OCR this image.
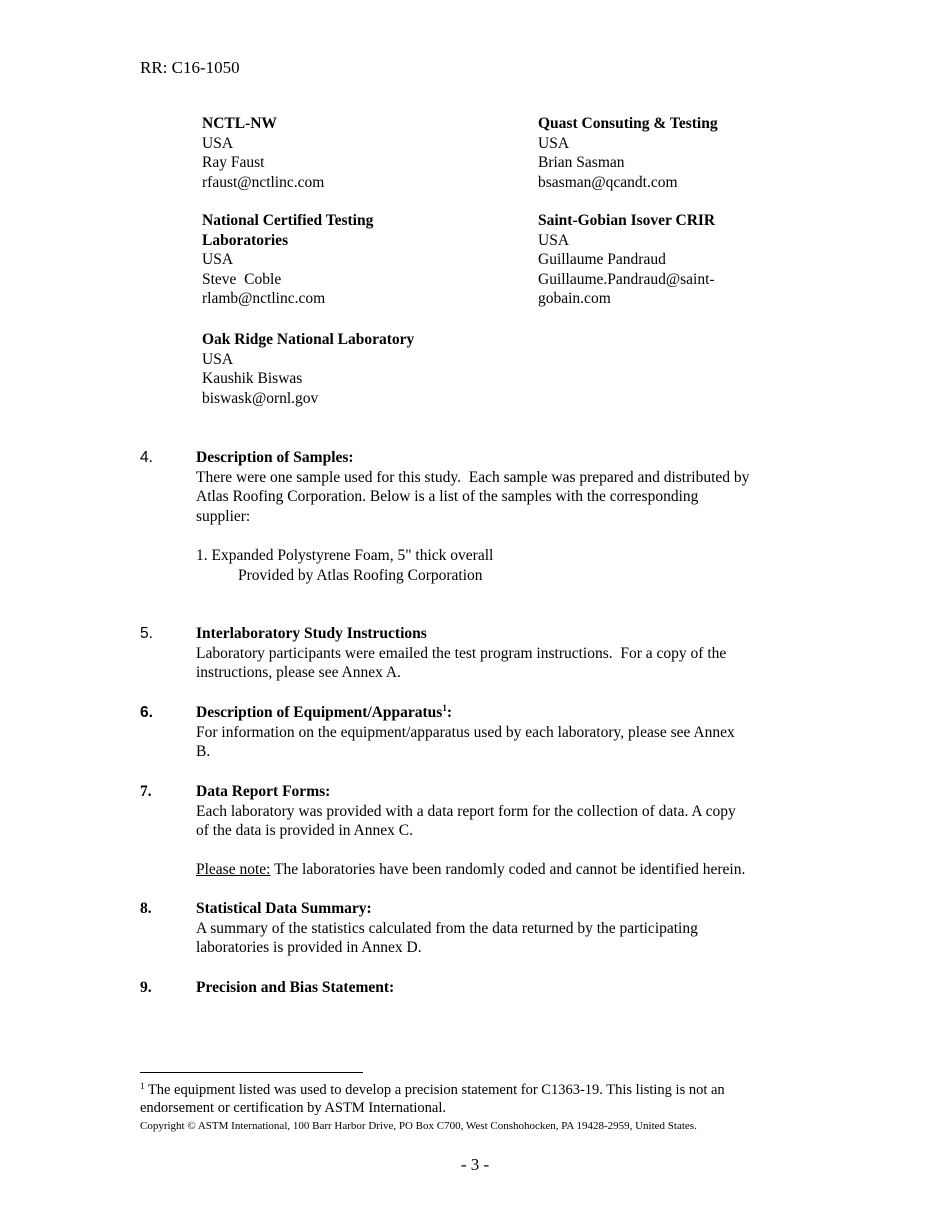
RR: C16-1050
NCTL-NW
USA
Ray Faust
rfaust@nctlinc.com
Quast Consuting & Testing
USA
Brian Sasman
bsasman@qcandt.com
National Certified Testing
Laboratories
USA
Steve  Coble
rlamb@nctlinc.com
Saint-Gobian Isover CRIR
USA
Guillaume Pandraud
Guillaume.Pandraud@saint-
gobain.com
Oak Ridge National Laboratory
USA
Kaushik Biswas
biswask@ornl.gov
4.	Description of Samples:

There were one sample used for this study.  Each sample was prepared and distributed by

Atlas Roofing Corporation. Below is a list of the samples with the corresponding

supplier:

1. Expanded Polystyrene Foam, 5" thick overall

Provided by Atlas Roofing Corporation

5.	Interlaboratory Study Instructions

Laboratory participants were emailed the test program instructions.  For a copy of the

instructions, please see Annex A.

6.	Description of Equipment/Apparatus$^1$:

For information on the equipment/apparatus used by each laboratory, please see Annex

B.

7.	Data Report Forms:

Each laboratory was provided with a data report form for the collection of data. A copy

of the data is provided in Annex C.

Please note: The laboratories have been randomly coded and cannot be identified herein.

8.	Statistical Data Summary:

A summary of the statistics calculated from the data returned by the participating

laboratories is provided in Annex D.

9.	Precision and Bias Statement:

$^1$ The equipment listed was used to develop a precision statement for C1363-19. This listing is not an
endorsement or certification by ASTM International.
Copyright © ASTM International, 100 Barr Harbor Drive, PO Box C700, West Conshohocken, PA 19428-2959, United States.
- 3 -
